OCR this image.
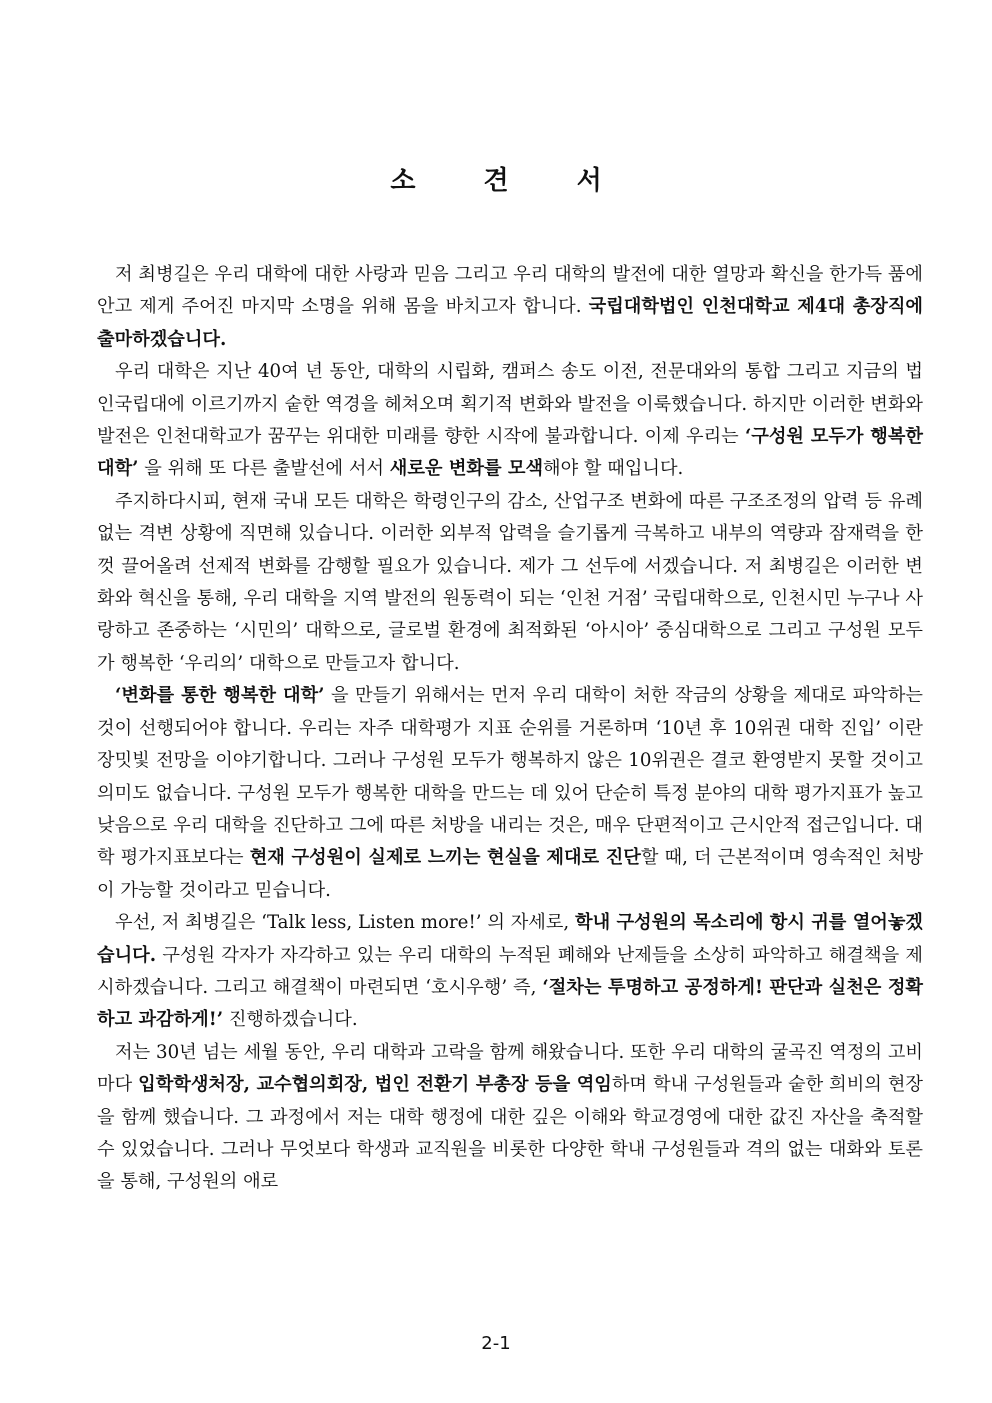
소	견	서

저 최병길은 우리 대학에 대한 사랑과 믿음 그리고 우리 대학의 발전에 대한 열망과 확신을 한가득 품에 안고 제게 주어진 마지막 소명을 위해 몸을 바치고자 합니다. 국립대학법인 인천대학교 제4대 총장직에 출마하겠습니다.

우리 대학은 지난 40여 년 동안, 대학의 시립화, 캠퍼스 송도 이전, 전문대와의 통합 그리고 지금의 법인국립대에 이르기까지 숱한 역경을 헤쳐오며 획기적 변화와 발전을 이룩했습니다. 하지만 이러한 변화와 발전은 인천대학교가 꿈꾸는 위대한 미래를 향한 시작에 불과합니다. 이제 우리는 ‘구성원 모두가 행복한 대학’ 을 위해 또 다른 출발선에 서서 새로운 변화를 모색해야 할 때입니다.

주지하다시피, 현재 국내 모든 대학은 학령인구의 감소, 산업구조 변화에 따른 구조조정의 압력 등 유례없는 격변 상황에 직면해 있습니다. 이러한 외부적 압력을 슬기롭게 극복하고 내부의 역량과 잠재력을 한껏 끌어올려 선제적 변화를 감행할 필요가 있습니다. 제가 그 선두에 서겠습니다. 저 최병길은 이러한 변화와 혁신을 통해, 우리 대학을 지역 발전의 원동력이 되는 ‘인천 거점’ 국립대학으로, 인천시민 누구나 사랑하고 존중하는 ‘시민의’ 대학으로, 글로벌 환경에 최적화된 ‘아시아’ 중심대학으로 그리고 구성원 모두가 행복한 ‘우리의’ 대학으로 만들고자 합니다.

‘변화를 통한 행복한 대학’ 을 만들기 위해서는 먼저 우리 대학이 처한 작금의 상황을 제대로 파악하는 것이 선행되어야 합니다. 우리는 자주 대학평가 지표 순위를 거론하며 ‘10년 후 10위권 대학 진입’ 이란 장밋빛 전망을 이야기합니다. 그러나 구성원 모두가 행복하지 않은 10위권은 결코 환영받지 못할 것이고 의미도 없습니다. 구성원 모두가 행복한 대학을 만드는 데 있어 단순히 특정 분야의 대학 평가지표가 높고 낮음으로 우리 대학을 진단하고 그에 따른 처방을 내리는 것은, 매우 단편적이고 근시안적 접근입니다. 대학 평가지표보다는 현재 구성원이 실제로 느끼는 현실을 제대로 진단할 때, 더 근본적이며 영속적인 처방이 가능할 것이라고 믿습니다.

우선, 저 최병길은 ‘Talk less, Listen more!’ 의 자세로, 학내 구성원의 목소리에 항시 귀를 열어놓겠습니다. 구성원 각자가 자각하고 있는 우리 대학의 누적된 폐해와 난제들을 소상히 파악하고 해결책을 제시하겠습니다. 그리고 해결책이 마련되면 ‘호시우행’ 즉, ‘절차는 투명하고 공정하게! 판단과 실천은 정확하고 과감하게!’ 진행하겠습니다.

저는 30년 넘는 세월 동안, 우리 대학과 고락을 함께 해왔습니다. 또한 우리 대학의 굴곡진 역정의 고비마다 입학학생처장, 교수협의회장, 법인 전환기 부총장 등을 역임하며 학내 구성원들과 숱한 희비의 현장을 함께 했습니다. 그 과정에서 저는 대학 행정에 대한 깊은 이해와 학교경영에 대한 값진 자산을 축적할 수 있었습니다. 그러나 무엇보다 학생과 교직원을 비롯한 다양한 학내 구성원들과 격의 없는 대화와 토론을 통해, 구성원의 애로

2-1
